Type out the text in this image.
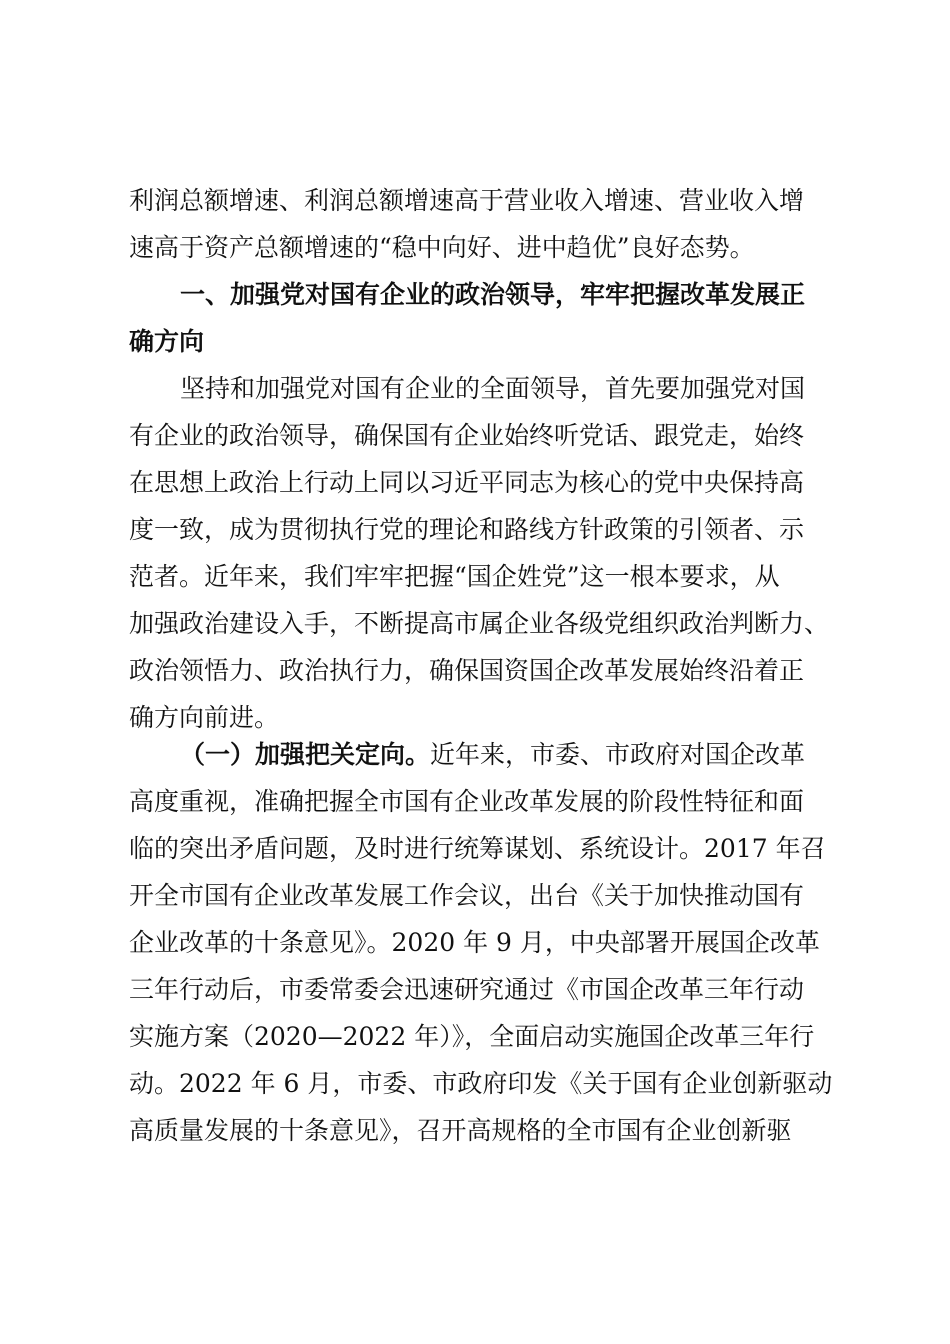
利润总额增速、利润总额增速高于营业收入增速、营业收入增
速高于资产总额增速的“稳中向好、进中趋优”良好态势。
一、加强党对国有企业的政治领导，牢牢把握改革发展正
确方向
坚持和加强党对国有企业的全面领导，首先要加强党对国
有企业的政治领导，确保国有企业始终听党话、跟党走，始终
在思想上政治上行动上同以习近平同志为核心的党中央保持高
度一致，成为贯彻执行党的理论和路线方针政策的引领者、示
范者。近年来，我们牢牢把握“国企姓党”这一根本要求，从
加强政治建设入手，不断提高市属企业各级党组织政治判断力、
政治领悟力、政治执行力，确保国资国企改革发展始终沿着正
确方向前进。
（一）加强把关定向。近年来，市委、市政府对国企改革
高度重视，准确把握全市国有企业改革发展的阶段性特征和面
临的突出矛盾问题，及时进行统筹谋划、系统设计。2017 年召
开全市国有企业改革发展工作会议，出台《关于加快推动国有
企业改革的十条意见》。2020 年 9 月，中央部署开展国企改革
三年行动后，市委常委会迅速研究通过《市国企改革三年行动
实施方案（2020—2022 年）》，全面启动实施国企改革三年行
动。2022 年 6 月，市委、市政府印发《关于国有企业创新驱动
高质量发展的十条意见》，召开高规格的全市国有企业创新驱
